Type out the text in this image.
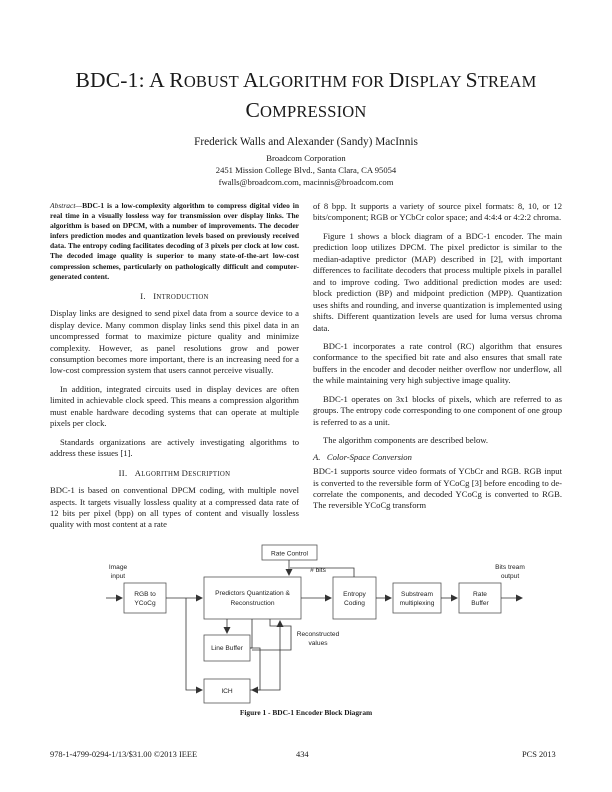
BDC-1: A ROBUST ALGORITHM FOR DISPLAY STREAM
COMPRESSION
Frederick Walls and Alexander (Sandy) MacInnis
Broadcom Corporation
2451 Mission College Blvd., Santa Clara, CA 95054
fwalls@broadcom.com, macinnis@broadcom.com

Abstract—BDC-1 is a low-complexity algorithm to compress digital video in real time in a visually lossless way for transmission over display links. The algorithm is based on DPCM, with a number of improvements. The decoder infers prediction modes and quantization levels based on previously received data. The entropy coding facilitates decoding of 3 pixels per clock at low cost. The decoded image quality is superior to many state-of-the-art low-cost compression schemes, particularly on pathologically difficult and computer-generated content.

I. INTRODUCTION

Display links are designed to send pixel data from a source device to a display device. Many common display links send this pixel data in an uncompressed format to maximize picture quality and minimize complexity. However, as panel resolutions grow and power consumption becomes more important, there is an increasing need for a low-cost compression system that users cannot perceive visually.

In addition, integrated circuits used in display devices are often limited in achievable clock speed. This means a compression algorithm must enable hardware decoding systems that can operate at multiple pixels per clock.

Standards organizations are actively investigating algorithms to address these issues [1].

II. ALGORITHM DESCRIPTION

BDC-1 is based on conventional DPCM coding, with multiple novel aspects. It targets visually lossless quality at a compressed data rate of 12 bits per pixel (bpp) on all types of content and visually lossless quality with most content at a rate

of 8 bpp. It supports a variety of source pixel formats: 8, 10, or 12 bits/component; RGB or YCbCr color space; and 4:4:4 or 4:2:2 chroma.

Figure 1 shows a block diagram of a BDC-1 encoder. The main prediction loop utilizes DPCM. The pixel predictor is similar to the median-adaptive predictor (MAP) described in [2], with important differences to facilitate decoders that process multiple pixels in parallel and to improve coding. Two additional prediction modes are used: block prediction (BP) and midpoint prediction (MPP). Quantization uses shifts and rounding, and inverse quantization is implemented using shifts. Different quantization levels are used for luma versus chroma data.

BDC-1 incorporates a rate control (RC) algorithm that ensures conformance to the specified bit rate and also ensures that small rate buffers in the encoder and decoder neither overflow nor underflow, all the while maintaining very high subjective image quality.

BDC-1 operates on 3x1 blocks of pixels, which are referred to as groups. The entropy code corresponding to one component of one group is referred to as a unit.

The algorithm components are described below.

A. Color-Space Conversion

BDC-1 supports source video formats of YCbCr and RGB. RGB input is converted to the reversible form of YCoCg [3] before encoding to de-correlate the components, and decoded YCoCg is converted to RGB. The reversible YCoCg transform

Rate Control
Image
input
RGB to
YCoCg
Predictors Quantization &
Reconstruction
# bits
Entropy
Coding
Substream
multiplexing
Rate
Buffer
Bits tream
output
Reconstructed
values
Line Buffer
ICH
Figure 1 - BDC-1 Encoder Block Diagram
978-1-4799-0294-1/13/$31.00 ©2013 IEEE	434	PCS 2013
